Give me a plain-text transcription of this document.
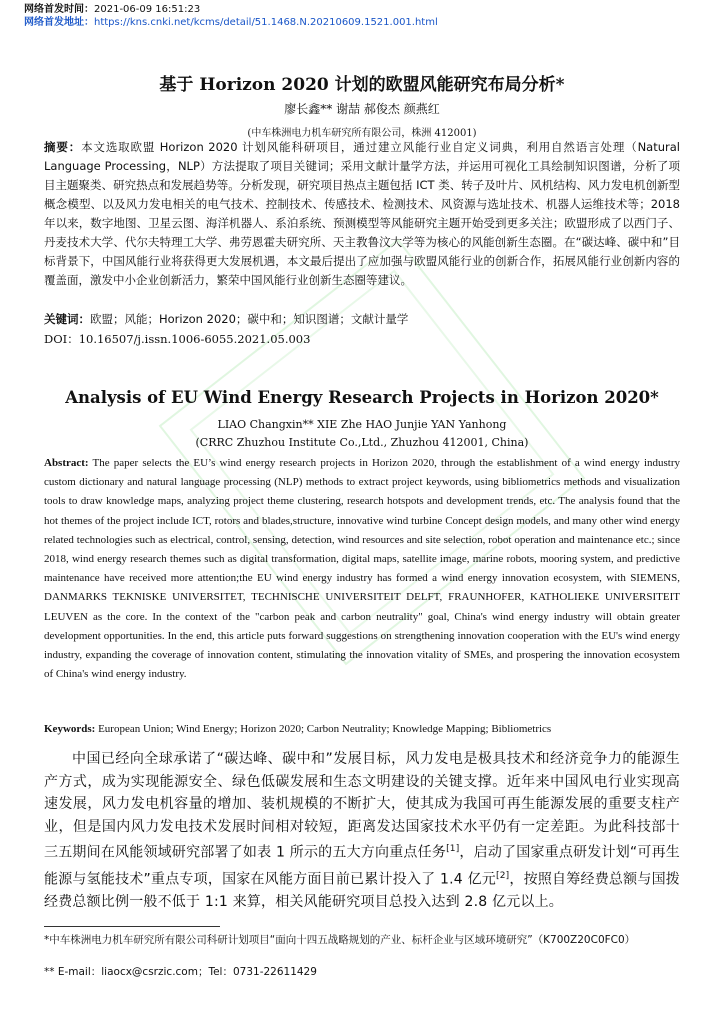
网络首发时间：2021-06-09 16:51:23
网络首发地址：https://kns.cnki.net/kcms/detail/51.1468.N.20210609.1521.001.html
基于 Horizon 2020 计划的欧盟风能研究布局分析*
廖长鑫** 谢喆 郝俊杰 颜燕红
(中车株洲电力机车研究所有限公司，株洲 412001)
摘要：本文选取欧盟 Horizon 2020 计划风能科研项目，通过建立风能行业自定义词典，利用自然语言处理（Natural Language Processing，NLP）方法提取了项目关键词；采用文献计量学方法，并运用可视化工具绘制知识图谱，分析了项目主题聚类、研究热点和发展趋势等。分析发现，研究项目热点主题包括 ICT 类、转子及叶片、风机结构、风力发电机创新型概念模型、以及风力发电相关的电气技术、控制技术、传感技术、检测技术、风资源与选址技术、机器人运维技术等；2018 年以来，数字地图、卫星云图、海洋机器人、系泊系统、预测模型等风能研究主题开始受到更多关注；欧盟形成了以西门子、丹麦技术大学、代尔夫特理工大学、弗劳恩霍夫研究所、天主教鲁汶大学等为核心的风能创新生态圈。在“碳达峰、碳中和”目标背景下，中国风能行业将获得更大发展机遇，本文最后提出了应加强与欧盟风能行业的创新合作，拓展风能行业创新内容的覆盖面，激发中小企业创新活力，繁荣中国风能行业创新生态圈等建议。
关键词：欧盟；风能；Horizon 2020；碳中和；知识图谱；文献计量学
DOI：10.16507/j.issn.1006-6055.2021.05.003
Analysis of EU Wind Energy Research Projects in Horizon 2020*
LIAO Changxin** XIE Zhe HAO Junjie YAN Yanhong
(CRRC Zhuzhou Institute Co.,Ltd., Zhuzhou 412001, China)
Abstract: The paper selects the EU’s wind energy research projects in Horizon 2020, through the establishment of a wind energy industry custom dictionary and natural language processing (NLP) methods to extract project keywords, using bibliometrics methods and visualization tools to draw knowledge maps, analyzing project theme clustering, research hotspots and development trends, etc. The analysis found that the hot themes of the project include ICT, rotors and blades,structure, innovative wind turbine Concept design models, and many other wind energy related technologies such as electrical, control, sensing, detection, wind resources and site selection, robot operation and maintenance etc.; since 2018, wind energy research themes such as digital transformation, digital maps, satellite image, marine robots, mooring system, and predictive maintenance have received more attention;the EU wind energy industry has formed a wind energy innovation ecosystem, with SIEMENS, DANMARKS TEKNISKE UNIVERSITET, TECHNISCHE UNIVERSITEIT DELFT, FRAUNHOFER, KATHOLIEKE UNIVERSITEIT LEUVEN as the core. In the context of the "carbon peak and carbon neutrality" goal, China's wind energy industry will obtain greater development opportunities. In the end, this article puts forward suggestions on strengthening innovation cooperation with the EU's wind energy industry, expanding the coverage of innovation content, stimulating the innovation vitality of SMEs, and prospering the innovation ecosystem of China's wind energy industry.
Keywords: European Union; Wind Energy; Horizon 2020; Carbon Neutrality; Knowledge Mapping; Bibliometrics
中国已经向全球承诺了“碳达峰、碳中和”发展目标，风力发电是极具技术和经济竞争力的能源生产方式，成为实现能源安全、绿色低碳发展和生态文明建设的关键支撑。近年来中国风电行业实现高速发展，风力发电机容量的增加、装机规模的不断扩大，使其成为我国可再生能源发展的重要支柱产业，但是国内风力发电技术发展时间相对较短，距离发达国家技术水平仍有一定差距。为此科技部十三五期间在风能领域研究部署了如表 1 所示的五大方向重点任务[1]，启动了国家重点研发计划“可再生能源与氢能技术”重点专项，国家在风能方面目前已累计投入了 1.4 亿元[2]，按照自筹经费总额与国拨经费总额比例一般不低于 1:1 来算，相关风能研究项目总投入达到 2.8 亿元以上。
*中车株洲电力机车研究所有限公司科研计划项目“面向十四五战略规划的产业、标杆企业与区域环境研究”（K700Z20C0FC0）
** E-mail：liaocx@csrzic.com；Tel：0731-22611429
